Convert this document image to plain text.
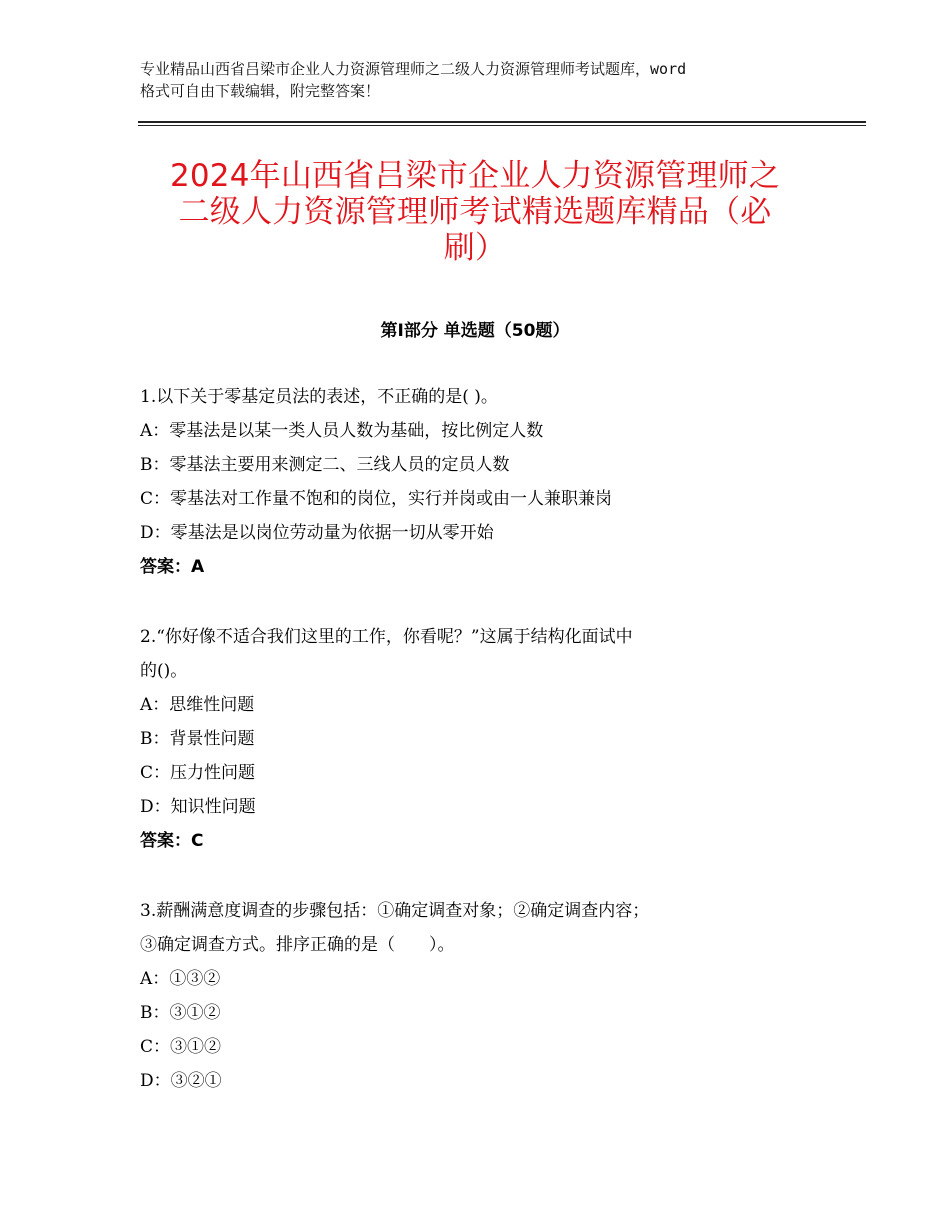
专业精品山西省吕梁市企业人力资源管理师之二级人力资源管理师考试题库，word
格式可自由下载编辑，附完整答案！
2024年山西省吕梁市企业人力资源管理师之
二级人力资源管理师考试精选题库精品（必
刷）
第Ⅰ部分 单选题（50题）
1.以下关于零基定员法的表述，不正确的是( )。
A：零基法是以某一类人员人数为基础，按比例定人数
B：零基法主要用来测定二、三线人员的定员人数
C：零基法对工作量不饱和的岗位，实行并岗或由一人兼职兼岗
D：零基法是以岗位劳动量为依据一切从零开始
答案：A
2.“你好像不适合我们这里的工作，你看呢？”这属于结构化面试中
的()。
A：思维性问题
B：背景性问题
C：压力性问题
D：知识性问题
答案：C
3.薪酬满意度调查的步骤包括：①确定调查对象；②确定调查内容；
③确定调查方式。排序正确的是（　　）。
A：①③②
B：③①②
C：③①②
D：③②①
